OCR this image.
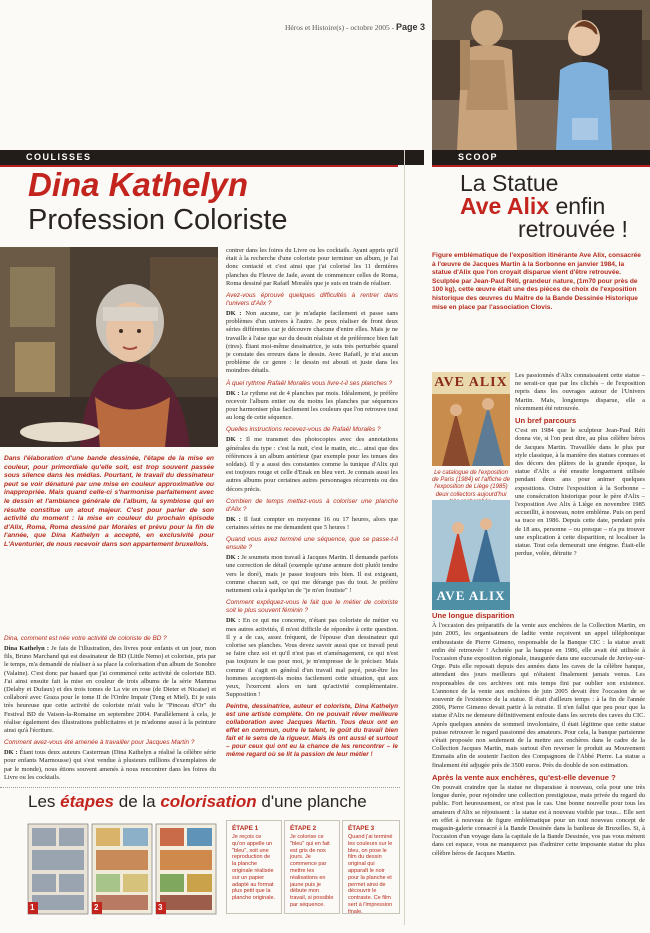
Héros et Histoire(s) - octobre 2005 - Page 3
COULISSES
Dina Kathelyn
Profession Coloriste
Dans l'élaboration d'une bande dessinée, l'étape de la mise en couleur, pour primordiale qu'elle soit, est trop souvent passée sous silence dans les médias. Pourtant, le travail du dessinateur peut se voir dénaturé par une mise en couleur approximative ou inappropriée. Mais quand celle-ci s'harmonise parfaitement avec le dessin et l'ambiance générale de l'album, la symbiose qui en résulte constitue un atout majeur. C'est pour parler de son activité du moment : la mise en couleur du prochain épisode d'Alix, Roma, Roma dessiné par Morales et prévu pour la fin de l'année, que Dina Kathelyn a accepté, en exclusivité pour L'Aventurier, de nous recevoir dans son appartement bruxellois.
Dina, comment est née votre activité de coloriste de BD ?

Dina Kathelyn : Je fais de l'illustration, des livres pour enfants et un jour, mon fils, Bruno Marchand qui est dessinateur de BD (Little Nemo) et coloriste, pris par le temps, m'a demandé de réaliser à sa place la colorisation d'un album de Sonobre (Valaine). C'est donc par hasard que j'ai commencé cette activité de coloriste BD. J'ai ainsi ensuite fait la mise en couleur de trois albums de la série Mamma (Delaby et Dufaux) et des trois tomes de La vie en rose (de Dieter et Nicaise) et collaboré avec Graza pour le tome II de l'Ordre Impair (Teng et Miel). Et je suis très heureuse que cette activité de coloriste m'ait valu le "Pinceau d'Or" du Festival BD de Vaison-la-Romaine en septembre 2004. Parallèlement à cela, je réalise également des illustrations publicitaires et je m'adonne aussi à la peinture ainsi qu'à l'écriture.

Comment avez-vous été amenée à travailler pour Jacques Martin ?

DK : Étant tous deux auteurs Casterman (Dina Kathelyn a réalisé la célèbre série pour enfants Marmousse) qui s'est vendue à plusieurs millions d'exemplaires de par le monde), nous étions souvent amenés à nous rencontrer dans les foires du Livre ou les cocktails.

contrer dans les foires du Livre ou les cocktails. Ayant appris qu'il était à la recherche d'une coloriste pour terminer un album, je l'ai donc contacté et c'est ainsi que j'ai colorisé les 11 dernières planches du Fleuve de Jade, avant de commencer celles de Roma, Roma dessiné par Rafaël Moralès que je suis en train de réaliser.

Avez-vous éprouvé quelques difficultés à rentrer dans l'univers d'Alix ?

DK : Non aucune, car je m'adapte facilement et passe sans problèmes d'un univers à l'autre. Je peux réaliser de front deux séries différentes car je découvre chacune d'entre elles. Mais je ne travaille à l'aise que sur du dessin réaliste et de préférence bien fait (rires). Étant moi-même dessinatrice, je suis très perturbée quand je constate des erreurs dans le dessin. Avec Rafaël, je n'ai aucun problème de ce genre : le dessin est abouti et juste dans les moindres détails.

À quel rythme Rafaël Moralès vous livre-t-il ses planches ?

DK : Le rythme est de 4 planches par mois. Idéalement, je préfère recevoir l'album entier ou du moins les planches par séquences pour harmoniser plus facilement les couleurs que l'on retrouve tout au long de cette séquence.

Quelles instructions recevez-vous de Rafaël Moralès ?

DK : Il me transmet des photocopies avec des annotations générales du type : c'est la nuit, c'est le matin, etc... ainsi que des références à un album antérieur (par exemple pour les tenues des soldats). Il y a aussi des constantes comme la tunique d'Alix qui est toujours rouge et celle d'Enak en bleu vert. Je connais aussi les autres albums pour certaines autres personnages récurrents ou des décors précis.

Combien de temps mettez-vous à coloriser une planche d'Alix ?

DK : Il faut compter en moyenne 16 ou 17 heures, alors que certaines séries ne me demandent que 5 heures !

Quand vous avez terminé une séquence, que se passe-t-il ensuite ?

DK : Je soumets mon travail à Jacques Martin. Il demande parfois une correction de détail (exemple qu'une armure doit plutôt tendre vers le doré), mais je passe toujours très bien. Il est exigeant, comme chacun sait, ce qui me dérange pas du tout. Je préfère nettement cela à quelqu'un de "je m'en foutiste" !

Comment expliquez-vous le fait que le métier de coloriste soit le plus souvent féminin ?

DK : En ce qui me concerne, n'étant pas coloriste de métier vu mes autres activités, il m'est difficile de répondre à cette question. Il y a de cas, assez fréquent, de l'épouse d'un dessinateur qui colorise ses planches. Vous devez savoir aussi que ce travail peut se faire chez soi et qu'il n'est pas et n'aménagement, ce qui n'est pas toujours le cas pour moi, je m'empresse de le préciser. Mais comme il s'agit en général d'un travail mal payé, peut-être les hommes acceptent-ils moins facilement cette situation, qui aux yeux, l'exercent alors en tant qu'activité complémentaire. Supposition !

Peintre, dessinatrice, auteur et coloriste, Dina Kathelyn est une artiste complète. On ne pouvait rêver meilleure collaboration avec Jacques Martin. Tous deux ont en effet en commun, outre le talent, le goût du travail bien fait et le sens de la rigueur. Mais ils ont aussi et surtout – pour ceux qui ont eu la chance de les rencontrer – le même regard où se lit la passion de leur métier !
Les étapes de la colorisation d'une planche
1	2	3
ÉTAPE 1
Je reçois ce qu'on appelle un "bleu", soit une reproduction de la planche originale réalisée sur un papier adapté au format plus petit que la planche originale.
ÉTAPE 2
Je colorise ce "bleu" qui en fait est gris de nos jours. Je commence par mettre les réalisations en jaune puis je débute mon travail, si possible par séquence.
ÉTAPE 3
Quand j'ai terminé les couleurs sur le bleu, on pose le film du dessin original qui apparaît le noir pour la planche et permet ainsi de découvrir le contraste. Ce film sert à l'impression finale.
SCOOP
La Statue
Ave Alix enfin
retrouvée !
Figure emblématique de l'exposition itinérante Ave Alix, consacrée à l'œuvre de Jacques Martin à la Sorbonne en janvier 1984, la statue d'Alix que l'on croyait disparue vient d'être retrouvée. Sculptée par Jean-Paul Réti, grandeur nature, (1m70 pour près de 100 kg), cette œuvre était une des pièces de choix de l'exposition historique des œuvres du Maître de la Bande Dessinée Historique mise en place par l'association Clovis.
AVE ALIX
Le catalogue de l'exposition de Paris (1984) et l'affiche de l'exposition de Liège (1985) deux collectors aujourd'hui
AVE ALIX

Les passionnés d'Alix connaissaient cette statue –ne serait-ce que par les clichés – de l'exposition repris dans les ouvrages autour de l'Univers Martin. Mais, longtemps disparue, elle a récemment été retrouvée.

Un bref parcours

C'est en 1984 que le sculpteur Jean-Paul Réti donna vie, si l'on peut dire, au plus célèbre héros de Jacques Martin. Travaillée dans le plus pur style classique, à la manière des statues connues et des décors des plâtres de la grande époque, la statue d'Alix a été ensuite longuement utilisée pendant deux ans pour animer quelques expositions. Outre l'exposition à la Sorbonne – une consécration historique pour le père d'Alix – l'exposition Ave Alix à Liège en novembre 1985 accueillit, à nouveau, notre emblème. Puis on perd sa trace en 1986. Depuis cette date, pendant près de 18 ans, personne – ou presque – n'a pu trouver une explication à cette disparition, ni localiser la statue. Tout cela demeurait une énigme. Était-elle perdue, volée, détruite ?

Une longue disparition

À l'occasion des préparatifs de la vente aux enchères de la Collection Martin, en juin 2005, les organisateurs de ladite vente reçoivent un appel téléphonique enthousiaste de Pierre Gimeno, responsable de la Banque CIC : la statue avait enfin été retrouvée ! Achetée par la banque en 1986, elle avait été utilisée à l'occasion d'une exposition régionale, inaugurée dans une succursale de Juvisy-sur-Orge. Puis elle reposait depuis des années dans les caves de la célèbre banque, attendant des jours meilleurs qui n'étaient finalement jamais venus. Les responsables de ces archives ont mis temps fini par oublier son existence. L'annonce de la vente aux enchères de juin 2005 devait être l'occasion de se souvenir de l'existence de la statue. Il était d'ailleurs temps : à la fin de l'année 2006, Pierre Gimeno devait partir à la retraite. Il n'en fallut que peu pour que la statue d'Alix ne demeure définitivement enfouie dans les secrets des caves du CIC. Après quelques années de sommeil involontaire, il était légitime que cette statue puisse retrouver le regard passionné des amateurs. Pour cela, la banque parisienne s'était proposée non seulement de la mettre aux enchères dans le cadre de la Collection Jacques Martin, mais surtout d'en reverser le produit au Mouvement Emmaüs afin de soutenir l'action des Compagnons de l'Abbé Pierre. La statue a finalement été adjugée près de 3500 euros. Près du double de son estimation.

Après la vente aux enchères, qu'est-elle devenue ?

On pouvait craindre que la statue ne disparaisse à nouveau, cela pour une très longue durée, pour rejoindre une collection prestigieuse, mais privée du regard du public. Fort heureusement, ce n'est pas le cas. Une bonne nouvelle pour tous les amateurs d'Alix se réjouissent : la statue est à nouveau visible par tous... Elle sert en effet à nouveau de figure emblématique pour un tout nouveau concept de magasin-galerie consacré à la Bande Dessinée dans la banlieue de Bruxelles. Si, à l'occasion d'un voyage dans la capitale de la Bande Dessinée, vos pas vous mènent dans cet espace, vous ne manquerez pas d'admirer cette imposante statue du plus célèbre héros de Jacques Martin.
